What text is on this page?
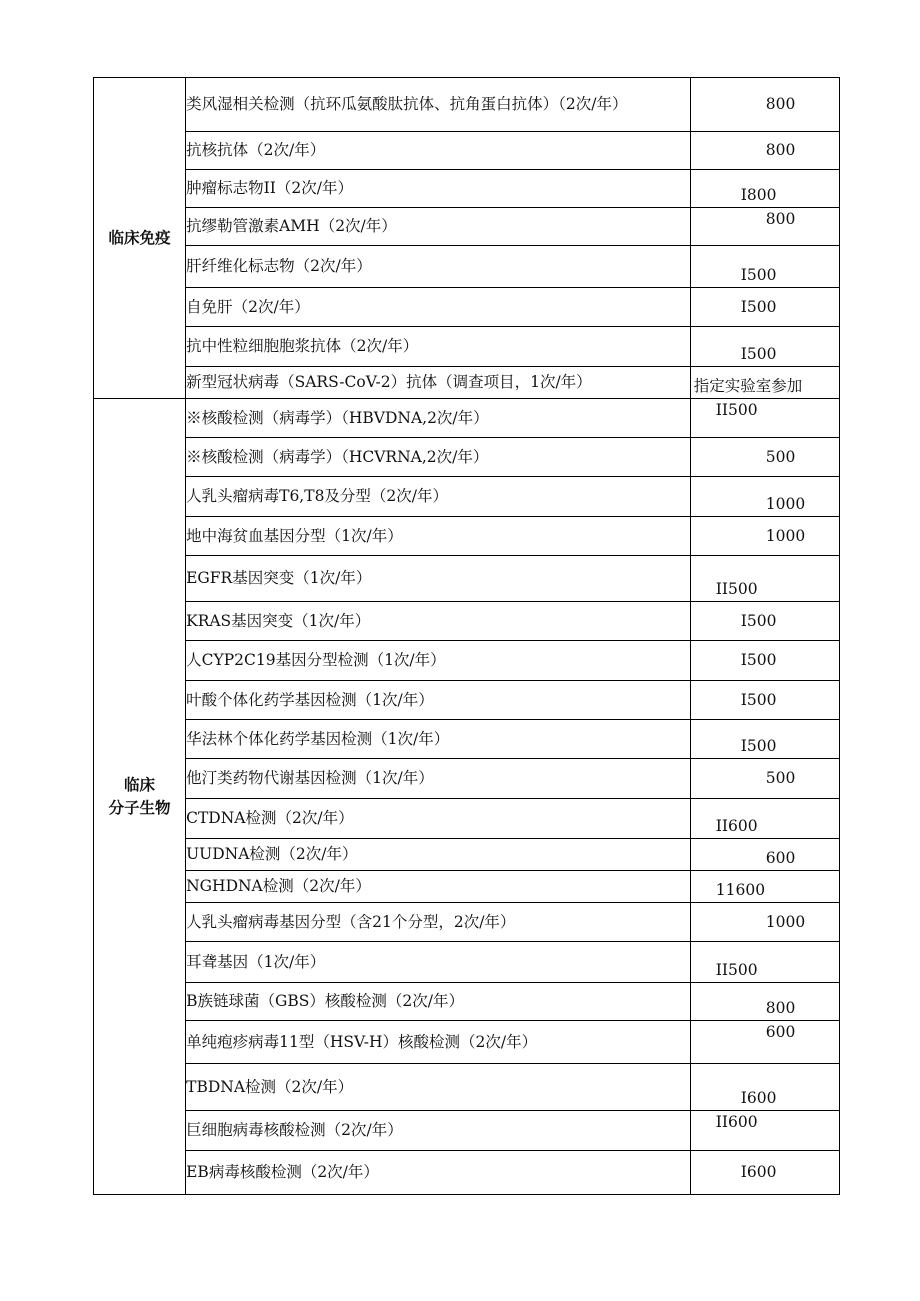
临床免疫	类风湿相关检测（抗环瓜氨酸肽抗体、抗角蛋白抗体）（2次/年）	800

	抗核抗体（2次/年）	800

	肿瘤标志物II（2次/年）	I800

	抗缪勒管激素AMH（2次/年）	800

	肝纤维化标志物（2次/年）	I500

	自免肝（2次/年）	I500

	抗中性粒细胞胞浆抗体（2次/年）	I500

	新型冠状病毒（SARS-CoV-2）抗体（调查项目，1次/年）	指定实验室参加

临床
分子生物	※核酸检测（病毒学）（HBVDNA,2次/年）	II500

	※核酸检测（病毒学）（HCVRNA,2次/年）	500

	人乳头瘤病毒T6,T8及分型（2次/年）	1000

	地中海贫血基因分型（1次/年）	1000

	EGFR基因突变（1次/年）	II500

	KRAS基因突变（1次/年）	I500

	人CYP2C19基因分型检测（1次/年）	I500

	叶酸个体化药学基因检测（1次/年）	I500

	华法林个体化药学基因检测（1次/年）	I500

	他汀类药物代谢基因检测（1次/年）	500

	CTDNA检测（2次/年）	II600

	UUDNA检测（2次/年）	600

	NGHDNA检测（2次/年）	11600

	人乳头瘤病毒基因分型（含21个分型，2次/年）	1000

	耳聋基因（1次/年）	II500

	B族链球菌（GBS）核酸检测（2次/年）	800

	单纯疱疹病毒11型（HSV-H）核酸检测（2次/年）	600

	TBDNA检测（2次/年）	I600

	巨细胞病毒核酸检测（2次/年）	II600

	EB病毒核酸检测（2次/年）	I600
